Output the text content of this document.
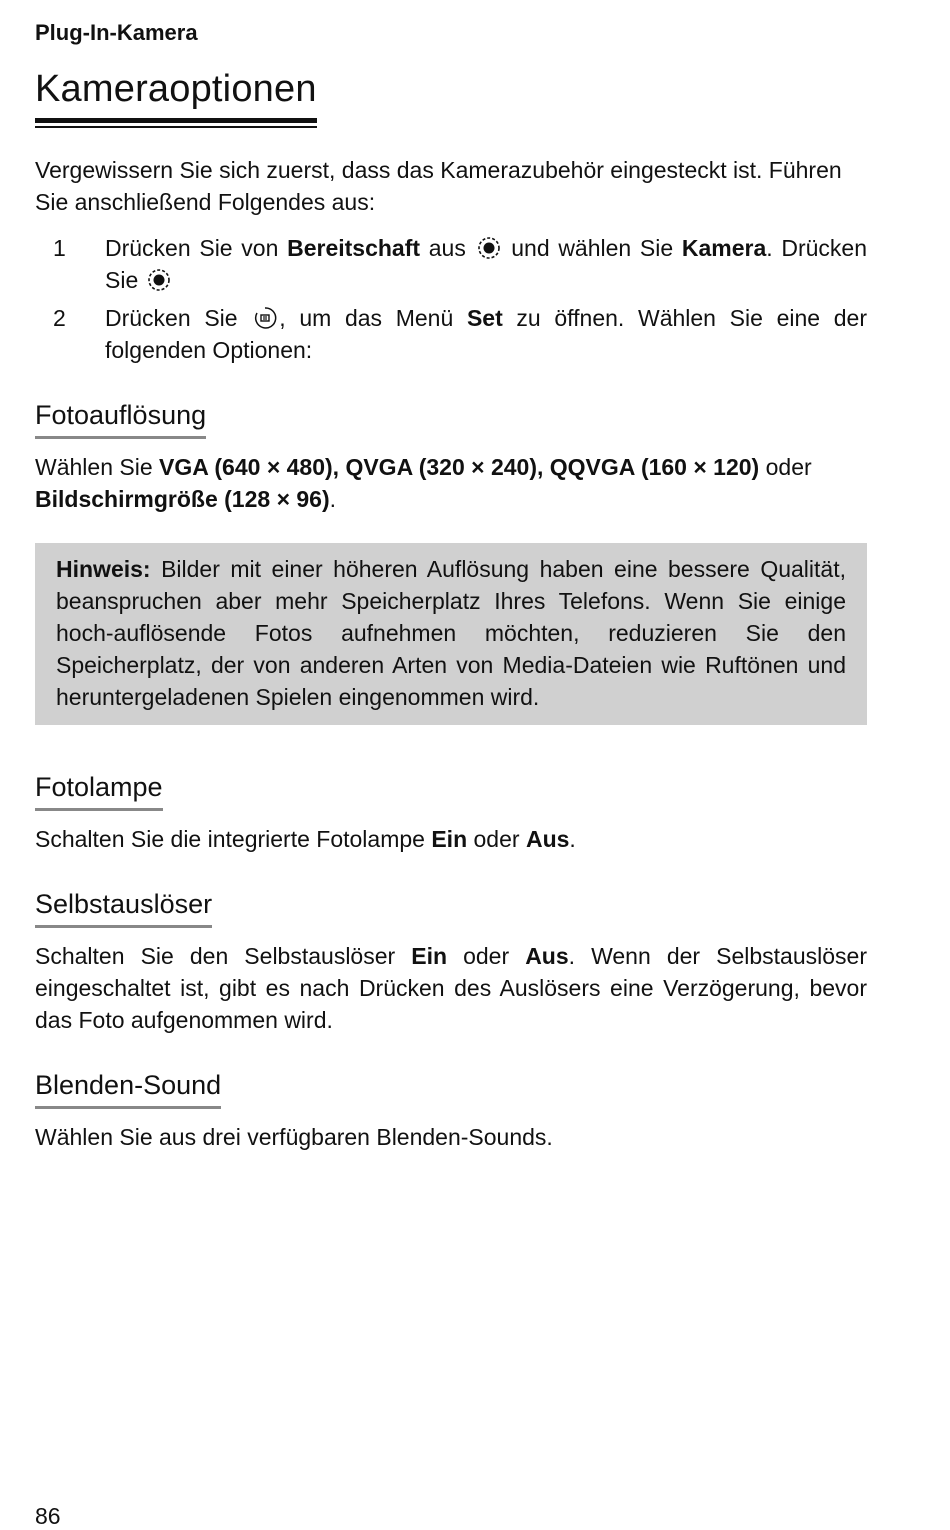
Plug-In-Kamera
Kameraoptionen

Vergewissern Sie sich zuerst, dass das Kamerazubehör eingesteckt ist. Führen Sie anschließend Folgendes aus:

1 Drücken Sie von Bereitschaft aus  und wählen Sie Kamera. Drücken Sie
2 Drücken Sie , um das Menü Set zu öffnen. Wählen Sie eine der folgenden Optionen:
Fotoauflösung

Wählen Sie VGA (640 × 480), QVGA (320 × 240), QQVGA (160 × 120) oder Bildschirmgröße (128 × 96).

Hinweis: Bilder mit einer höheren Auflösung haben eine bessere Qualität, beanspruchen aber mehr Speicherplatz Ihres Telefons. Wenn Sie einige hoch-auflösende Fotos aufnehmen möchten, reduzieren Sie den Speicherplatz, der von anderen Arten von Media-Dateien wie Ruftönen und heruntergeladenen Spielen eingenommen wird.

Fotolampe

Schalten Sie die integrierte Fotolampe Ein oder Aus.

Selbstauslöser

Schalten Sie den Selbstauslöser Ein oder Aus. Wenn der Selbstauslöser eingeschaltet ist, gibt es nach Drücken des Auslösers eine Verzögerung, bevor das Foto aufgenommen wird.

Blenden-Sound

Wählen Sie aus drei verfügbaren Blenden-Sounds.

86
